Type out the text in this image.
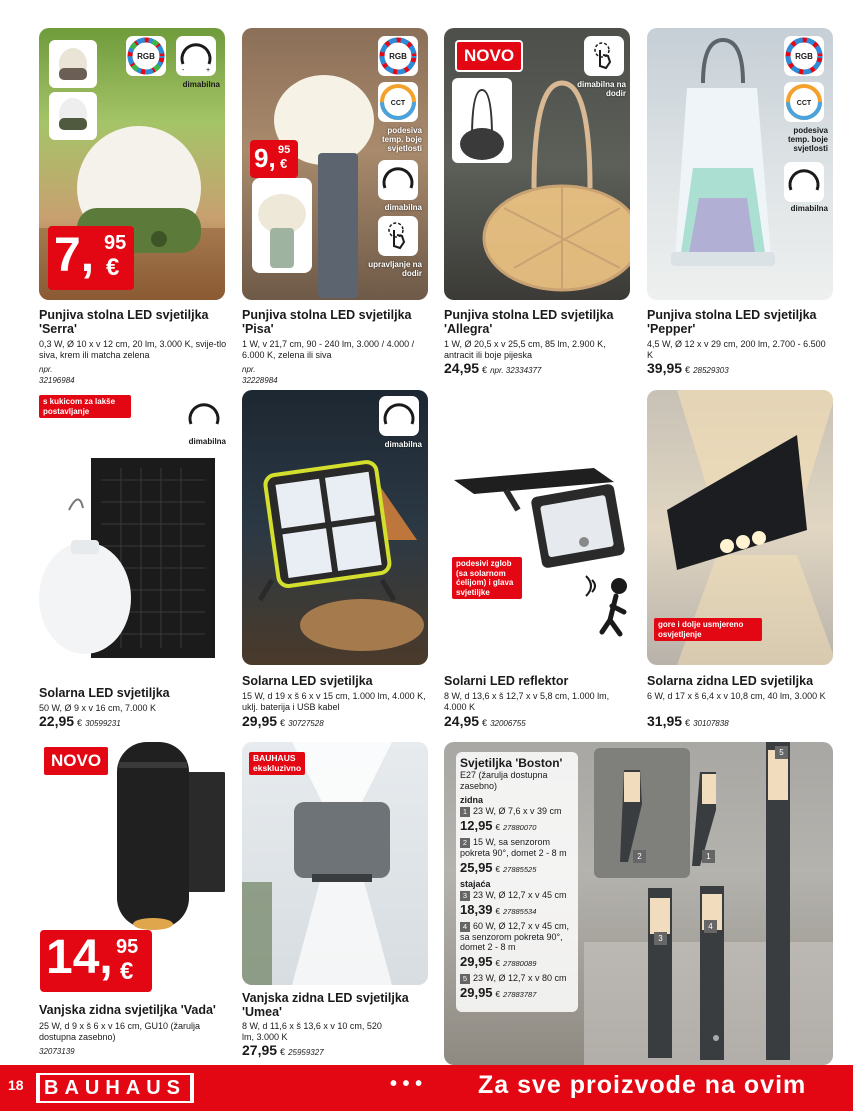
RGB
-	+
dimabilna
7, 95
€
Punjiva stolna LED svjetiljka
'Serra'
0,3 W, Ø 10 x v 12 cm, 20 lm, 3.000 K, svije-tlo siva, krem ili matcha zelena
npr. 32196984
9, 95
€
RGB
CCT
podesiva temp. boje svjetlosti
dimabilna
upravljanje na dodir
Punjiva stolna LED svjetiljka
'Pisa'
1 W, v 21,7 cm, 90 - 240 lm, 3.000 / 4.000 / 6.000 K, zelena ili siva
npr. 32228984
NOVO
dimabilna na dodir
Punjiva stolna LED svjetiljka
'Allegra'
1 W, Ø 20,5 x v 25,5 cm, 85 lm, 2.900 K, antracit ili boje pijeska
24,95 € npr. 32334377
RGB
CCT
podesiva temp. boje svjetlosti
dimabilna
Punjiva stolna LED svjetiljka
'Pepper'
4,5 W, Ø 12 x v 29 cm, 200 lm, 2.700 - 6.500 K
39,95 € 28529303
s kukicom za lakše postavljanje
dimabilna
Solarna LED svjetiljka
50 W, Ø 9 x v 16 cm, 7.000 K
22,95 € 30599231
dimabilna
Solarna LED svjetiljka
15 W, d 19 x š 6 x v 15 cm, 1.000 lm, 4.000 K, uklj. baterija i USB kabel
29,95 € 30727528
podesivi zglob (sa solarnom ćelijom) i glava svjetiljke
Solarni LED reflektor
8 W, d 13,6 x š 12,7 x v 5,8 cm, 1.000 lm, 4.000 K
24,95 € 32006755
gore i dolje usmjereno osvjetljenje
Solarna zidna LED svjetiljka
6 W, d 17 x š 6,4 x v 10,8 cm, 40 lm, 3.000 K
31,95 € 30107838
NOVO
14, 95
€
Vanjska zidna svjetiljka 'Vada'
25 W, d 9 x š 6 x v 16 cm, GU10 (žarulja dostupna zasebno)
32073139
BAUHAUS ekskluzivno
Vanjska zidna LED svjetiljka
'Umea'
8 W, d 11,6 x š 13,6 x v 10 cm, 520 lm, 3.000 K
27,95 € 25959327
5
2	1
3
4
Svjetiljka 'Boston'
E27 (žarulja dostupna zasebno)
zidna
1 23 W, Ø 7,6 x v 39 cm
12,95 € 27880070
2 15 W, sa senzorom pokreta 90°, domet 2 - 8 m
25,95 € 27885525
stajaća
3 23 W, Ø 12,7 x v 45 cm
18,39 € 27885534
4 60 W, Ø 12,7 x v 45 cm, sa senzorom pokreta 90°, domet 2 - 8 m
29,95 € 27880089
5 23 W, Ø 12,7 x v 80 cm
29,95 € 27883787
18 BAUHAUS	• • • Za sve proizvode na ovim
